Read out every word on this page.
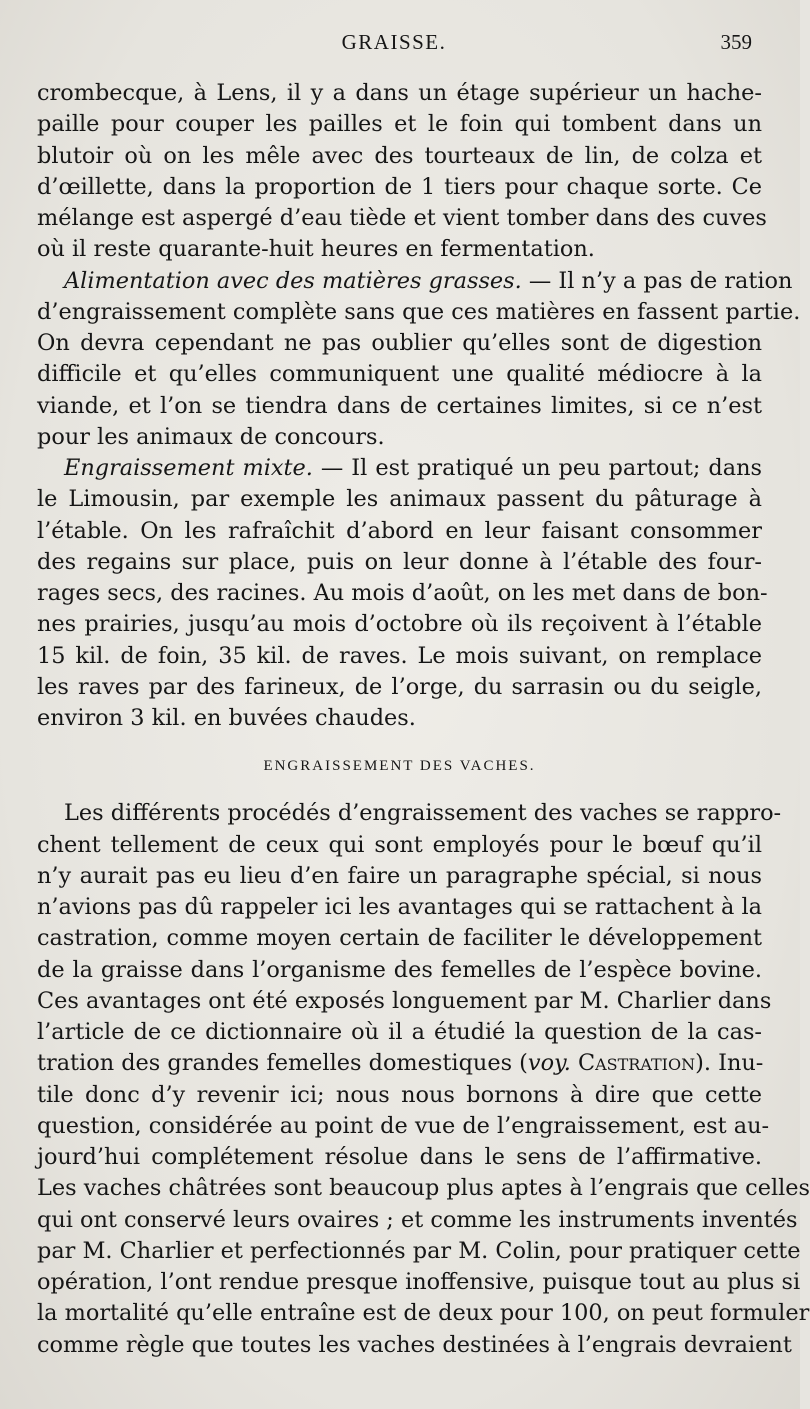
GRAISSE.	359
crombecque, à Lens, il y a dans un étage supérieur un hache-
paille pour couper les pailles et le foin qui tombent dans un
blutoir où on les mêle avec des tourteaux de lin, de colza et
d’œillette, dans la proportion de 1 tiers pour chaque sorte. Ce
mélange est aspergé d’eau tiède et vient tomber dans des cuves
où il reste quarante-huit heures en fermentation.
Alimentation avec des matières grasses. — Il n’y a pas de ration
d’engraissement complète sans que ces matières en fassent partie.
On devra cependant ne pas oublier qu’elles sont de digestion
difficile et qu’elles communiquent une qualité médiocre à la
viande, et l’on se tiendra dans de certaines limites, si ce n’est
pour les animaux de concours.
Engraissement mixte. — Il est pratiqué un peu partout; dans
le Limousin, par exemple les animaux passent du pâturage à
l’étable. On les rafraîchit d’abord en leur faisant consommer
des regains sur place, puis on leur donne à l’étable des four-
rages secs, des racines. Au mois d’août, on les met dans de bon-
nes prairies, jusqu’au mois d’octobre où ils reçoivent à l’étable
15 kil. de foin, 35 kil. de raves. Le mois suivant, on remplace
les raves par des farineux, de l’orge, du sarrasin ou du seigle,
environ 3 kil. en buvées chaudes.
ENGRAISSEMENT DES VACHES.
Les différents procédés d’engraissement des vaches se rappro-
chent tellement de ceux qui sont employés pour le bœuf qu’il
n’y aurait pas eu lieu d’en faire un paragraphe spécial, si nous
n’avions pas dû rappeler ici les avantages qui se rattachent à la
castration, comme moyen certain de faciliter le développement
de la graisse dans l’organisme des femelles de l’espèce bovine.
Ces avantages ont été exposés longuement par M. Charlier dans
l’article de ce dictionnaire où il a étudié la question de la cas-
tration des grandes femelles domestiques (voy. Castration). Inu-
tile donc d’y revenir ici; nous nous bornons à dire que cette
question, considérée au point de vue de l’engraissement, est au-
jourd’hui complétement résolue dans le sens de l’affirmative.
Les vaches châtrées sont beaucoup plus aptes à l’engrais que celles
qui ont conservé leurs ovaires ; et comme les instruments inventés
par M. Charlier et perfectionnés par M. Colin, pour pratiquer cette
opération, l’ont rendue presque inoffensive, puisque tout au plus si
la mortalité qu’elle entraîne est de deux pour 100, on peut formuler
comme règle que toutes les vaches destinées à l’engrais devraient
